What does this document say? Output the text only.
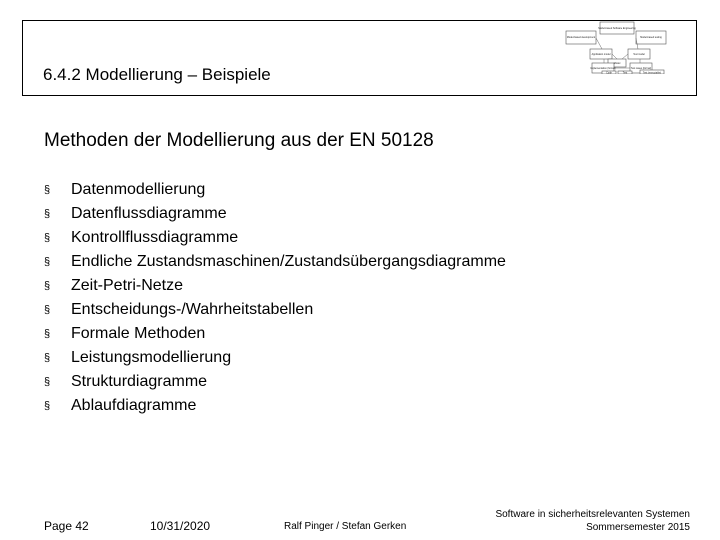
6.4.2 Modellierung – Beispiele
Model-based Software Engineering
Model-based development	Model-based testing
Application model	Test model
Model
Implementation (formal)	Test cases (formal)
Code	Test	Test (executable)
Methoden der Modellierung aus der EN 50128
§ Datenmodellierung
§ Datenflussdiagramme
§ Kontrollflussdiagramme
§ Endliche Zustandsmaschinen/Zustandsübergangsdiagramme
§ Zeit-Petri-Netze
§ Entscheidungs-/Wahrheitstabellen
§ Formale Methoden
§ Leistungsmodellierung
§ Strukturdiagramme
§ Ablaufdiagramme
Page 42	10/31/2020	Ralf Pinger / Stefan Gerken
Software in sicherheitsrelevanten Systemen
Sommersemester 2015
